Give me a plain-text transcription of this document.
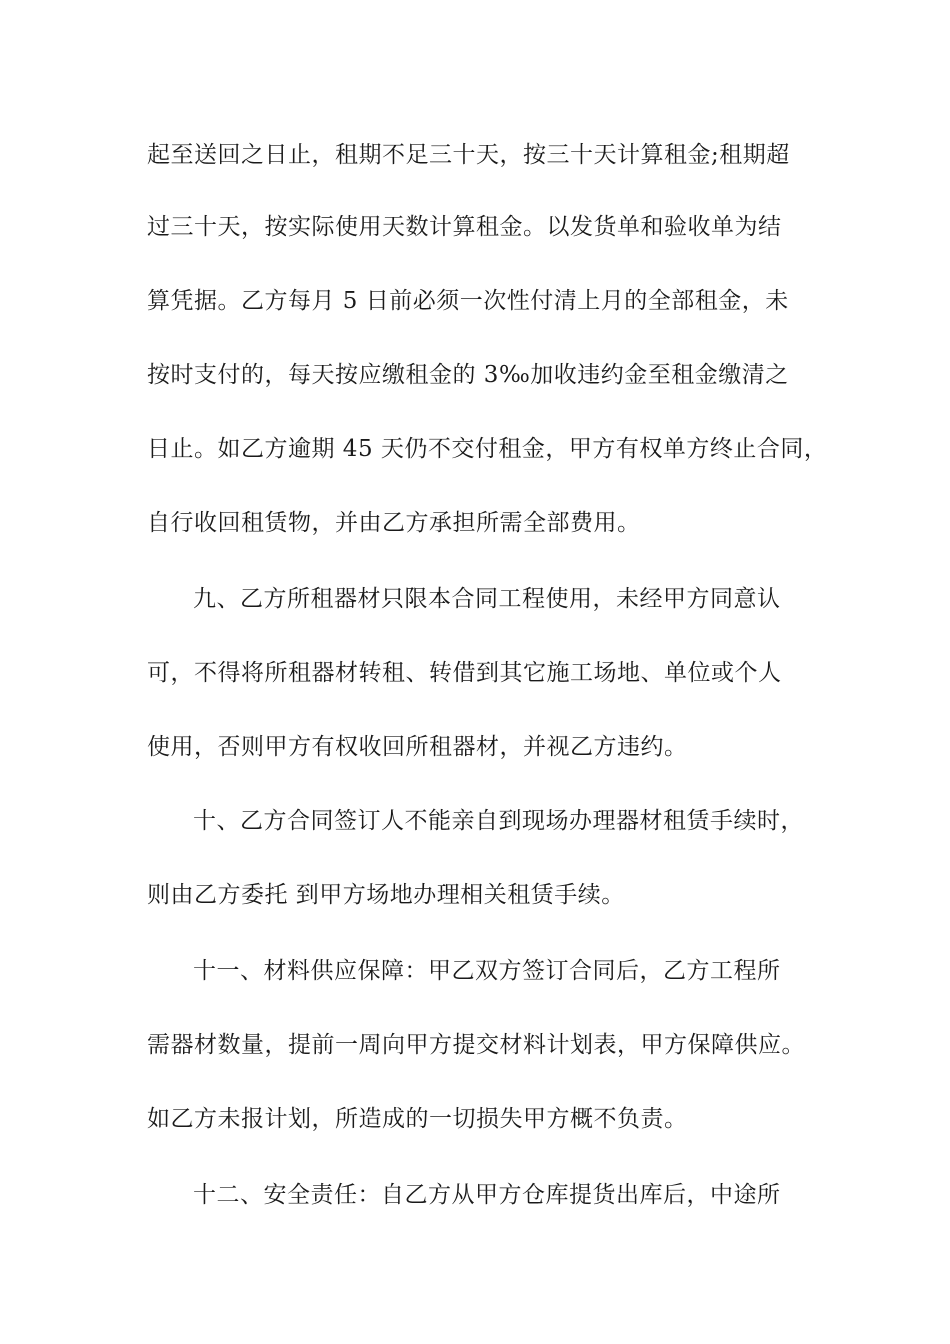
起至送回之日止，租期不足三十天，按三十天计算租金;租期超
过三十天，按实际使用天数计算租金。以发货单和验收单为结
算凭据。乙方每月 5 日前必须一次性付清上月的全部租金，未
按时支付的，每天按应缴租金的 3‰加收违约金至租金缴清之
日止。如乙方逾期 45 天仍不交付租金，甲方有权单方终止合同，
自行收回租赁物，并由乙方承担所需全部费用。
九、乙方所租器材只限本合同工程使用，未经甲方同意认
可，不得将所租器材转租、转借到其它施工场地、单位或个人
使用，否则甲方有权收回所租器材，并视乙方违约。
十、乙方合同签订人不能亲自到现场办理器材租赁手续时，
则由乙方委托 到甲方场地办理相关租赁手续。
十一、材料供应保障：甲乙双方签订合同后，乙方工程所
需器材数量，提前一周向甲方提交材料计划表，甲方保障供应。
如乙方未报计划，所造成的一切损失甲方概不负责。
十二、安全责任：自乙方从甲方仓库提货出库后，中途所
